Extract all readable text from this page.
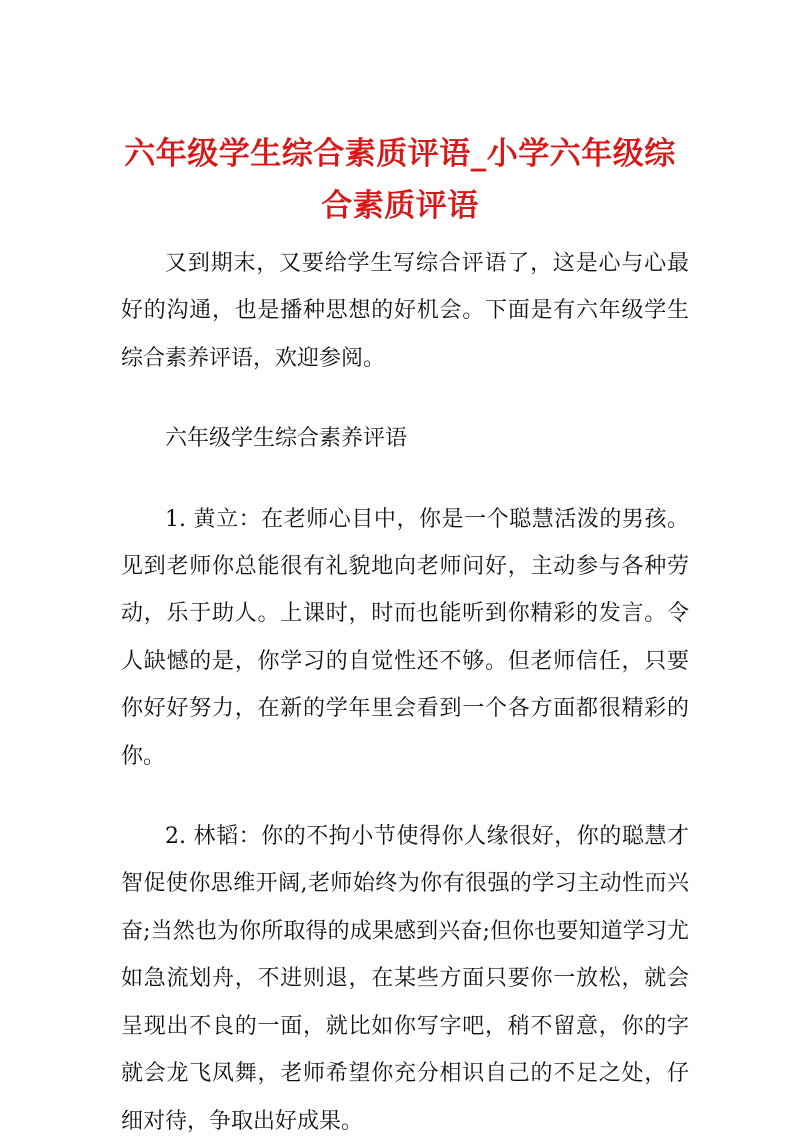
六年级学生综合素质评语_小学六年级综合素质评语

又到期末，又要给学生写综合评语了，这是心与心最好的沟通，也是播种思想的好机会。下面是有六年级学生综合素养评语，欢迎参阅。

六年级学生综合素养评语

1. 黄立：在老师心目中，你是一个聪慧活泼的男孩。见到老师你总能很有礼貌地向老师问好，主动参与各种劳动，乐于助人。上课时，时而也能听到你精彩的发言。令人缺憾的是，你学习的自觉性还不够。但老师信任，只要你好好努力，在新的学年里会看到一个各方面都很精彩的你。

2. 林韬：你的不拘小节使得你人缘很好，你的聪慧才智促使你思维开阔,老师始终为你有很强的学习主动性而兴奋;当然也为你所取得的成果感到兴奋;但你也要知道学习尤如急流划舟，不进则退，在某些方面只要你一放松，就会呈现出不良的一面，就比如你写字吧，稍不留意，你的字就会龙飞凤舞，老师希望你充分相识自己的不足之处，仔细对待，争取出好成果。
